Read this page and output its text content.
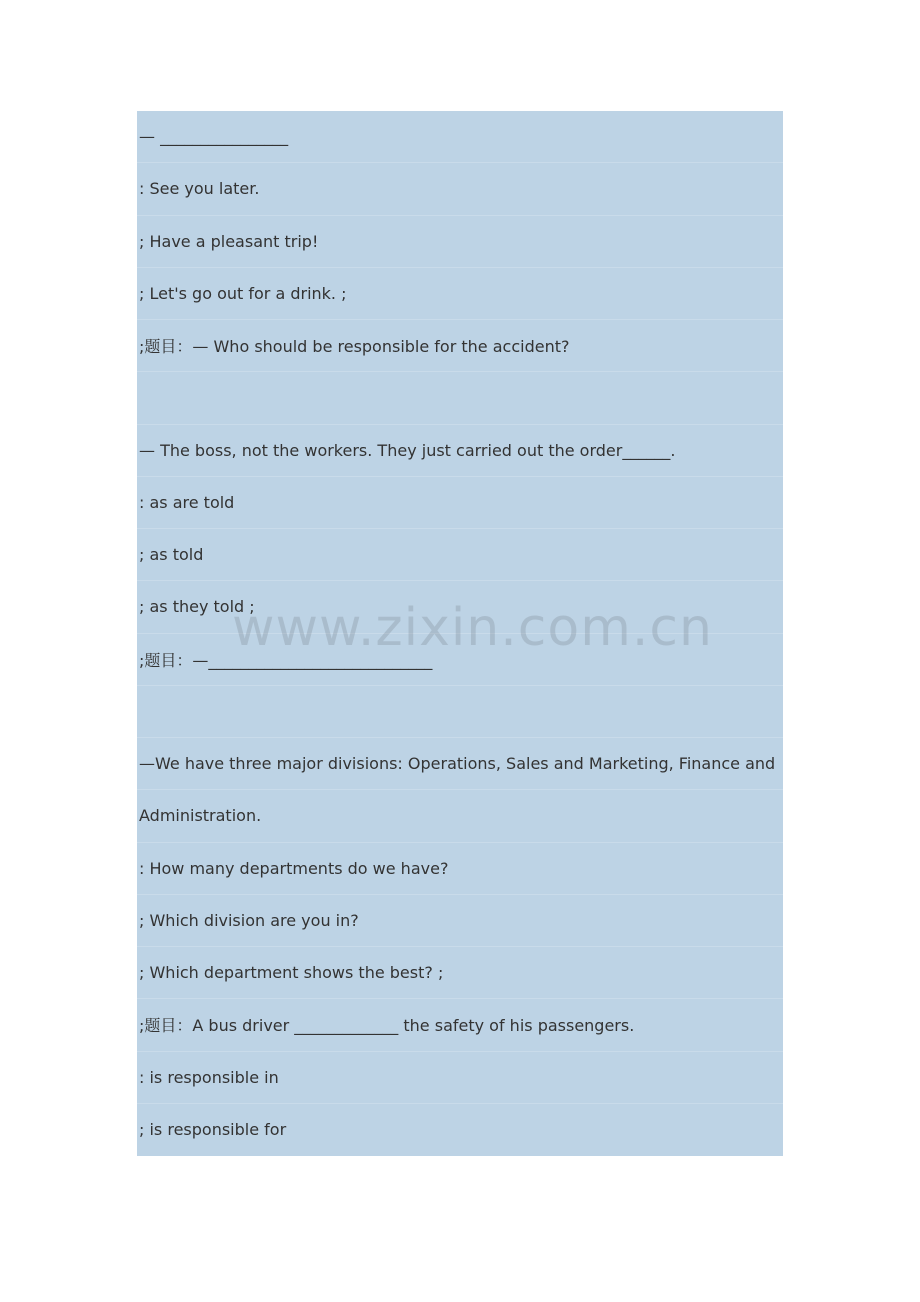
— ________________
: See you later.
; Have a pleasant trip!
; Let's go out for a drink. ;
;题目：— Who should be responsible for the accident?
— The boss, not the workers. They just carried out the order______.
: as are told
; as told
; as they told ;
;题目：—____________________________
—We have three major divisions: Operations, Sales and Marketing, Finance and
Administration.
: How many departments do we have?
; Which division are you in?
; Which department shows the best? ;
;题目：A bus driver _____________ the safety of his passengers.
: is responsible in
; is responsible for
www.zixin.com.cn
